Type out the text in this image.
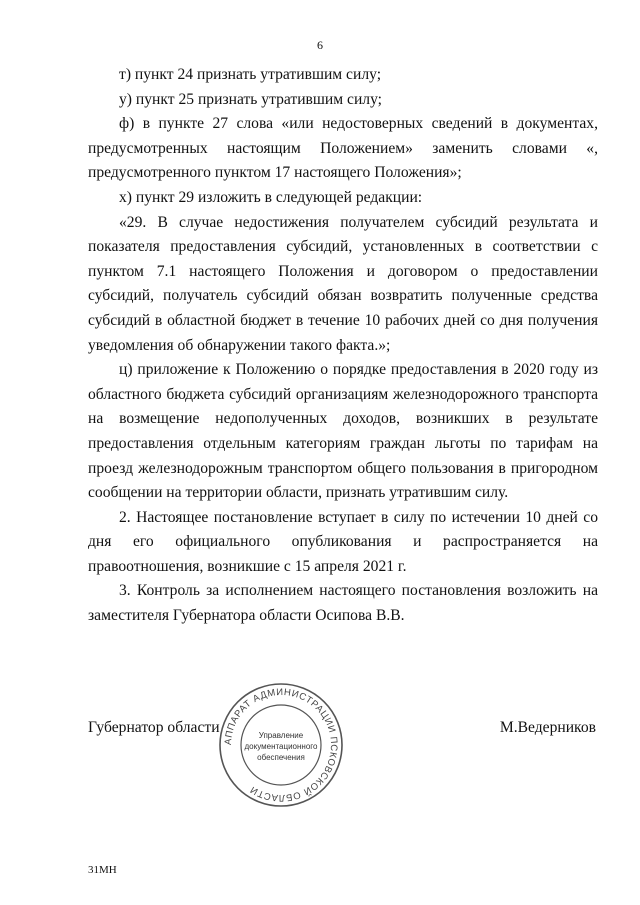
6

т) пункт 24 признать утратившим силу;

у) пункт 25 признать утратившим силу;

ф) в пункте 27 слова «или недостоверных сведений в документах, предусмотренных настоящим Положением» заменить словами «, предусмотренного пунктом 17 настоящего Положения»;

х) пункт 29 изложить в следующей редакции:

«29. В случае недостижения получателем субсидий результата и показателя предоставления субсидий, установленных в соответствии с пунктом 7.1 настоящего Положения и договором о предоставлении субсидий, получатель субсидий обязан возвратить полученные средства субсидий в областной бюджет в течение 10 рабочих дней со дня получения уведомления об обнаружении такого факта.»;

ц) приложение к Положению о порядке предоставления в 2020 году из областного бюджета субсидий организациям железнодорожного транспорта на возмещение недополученных доходов, возникших в результате предоставления отдельным категориям граждан льготы по тарифам на проезд железнодорожным транспортом общего пользования в пригородном сообщении на территории области, признать утратившим силу.

2. Настоящее постановление вступает в силу по истечении 10 дней со дня его официального опубликования и распространяется на правоотношения, возникшие с 15 апреля 2021 г.

3. Контроль за исполнением настоящего постановления возложить на заместителя Губернатора области Осипова В.В.

АППАРАТ АДМИНИСТРАЦИИ ПСКОВСКОЙ ОБЛАСТИ
Управление
документационного
обеспечения
Губернатор области	М.Ведерников
31МН
